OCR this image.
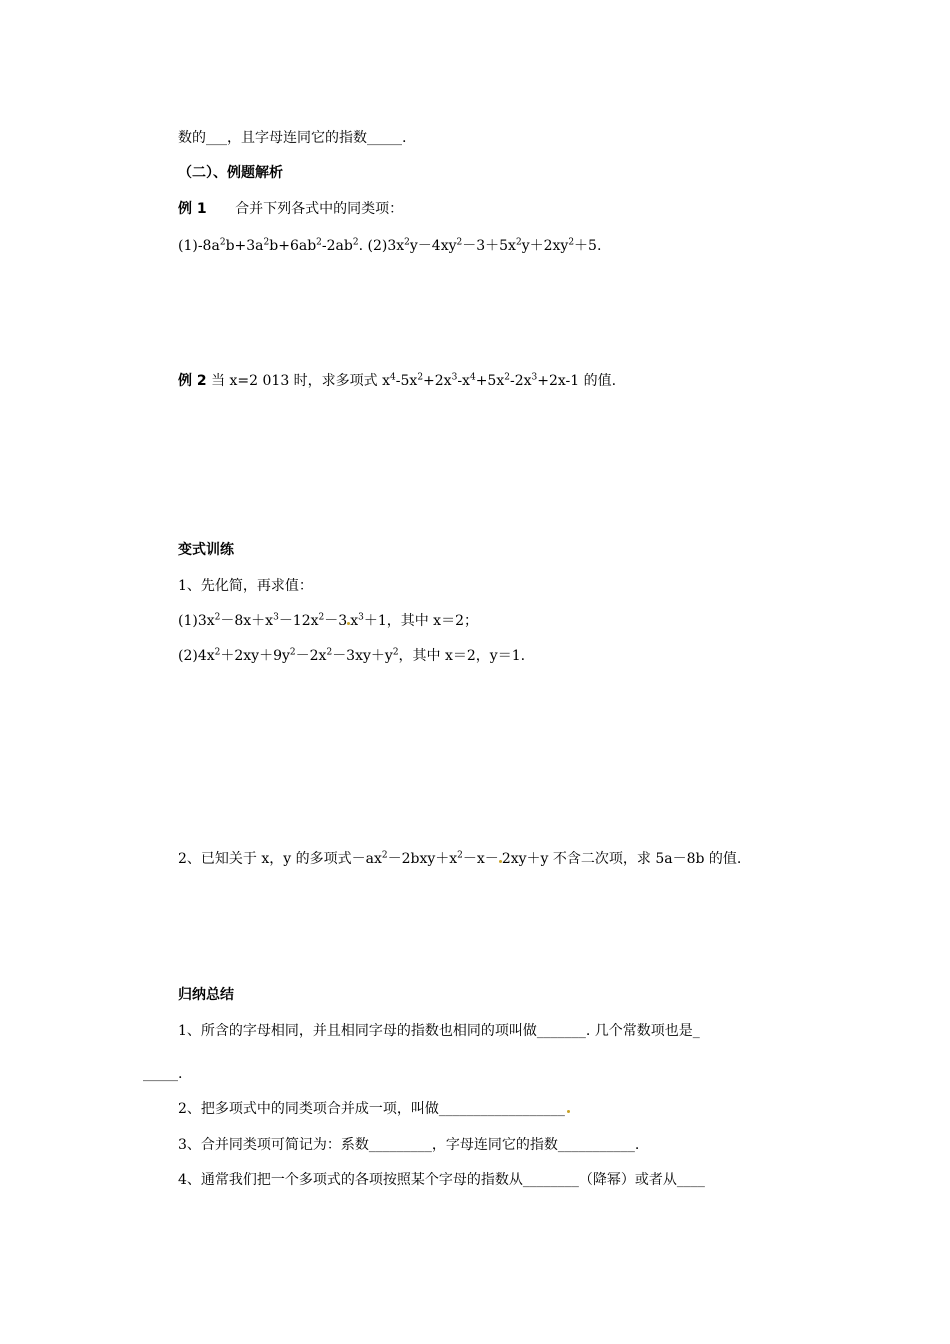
数的___，且字母连同它的指数_____.
（二）、例题解析
例 1 合并下列各式中的同类项：
$(1)-8a^2b+3a^2b+6ab^2-2ab^2$. $(2)3x^2y-4xy^2-3+5x^2y+2xy^2+5$.
例 2 当 x=2 013 时，求多项式 $x^4-5x^2+2x^3-x^4+5x^2-2x^3+2x-1$ 的值.
变式训练
1、先化简，再求值：
$(1)3x^2-8x+x^3-12x^2-3$ $x^3+1$，其中 x＝2；
$(2)4x^2+2xy+9y^2-2x^2-3xy+y^2$，其中 x＝2，y＝1.
2、已知关于 x，y 的多项式$-ax^2-2bxy+x^2-x- 2xy+y$ 不含二次项，求 5a－8b 的值.
归纳总结
1、所含的字母相同，并且相同字母的指数也相同的项叫做_______. 几个常数项也是_
_____.
2、把多项式中的同类项合并成一项，叫做__________________
3、合并同类项可简记为：系数_________，字母连同它的指数___________.
4、通常我们把一个多项式的各项按照某个字母的指数从________（降幂）或者从____
